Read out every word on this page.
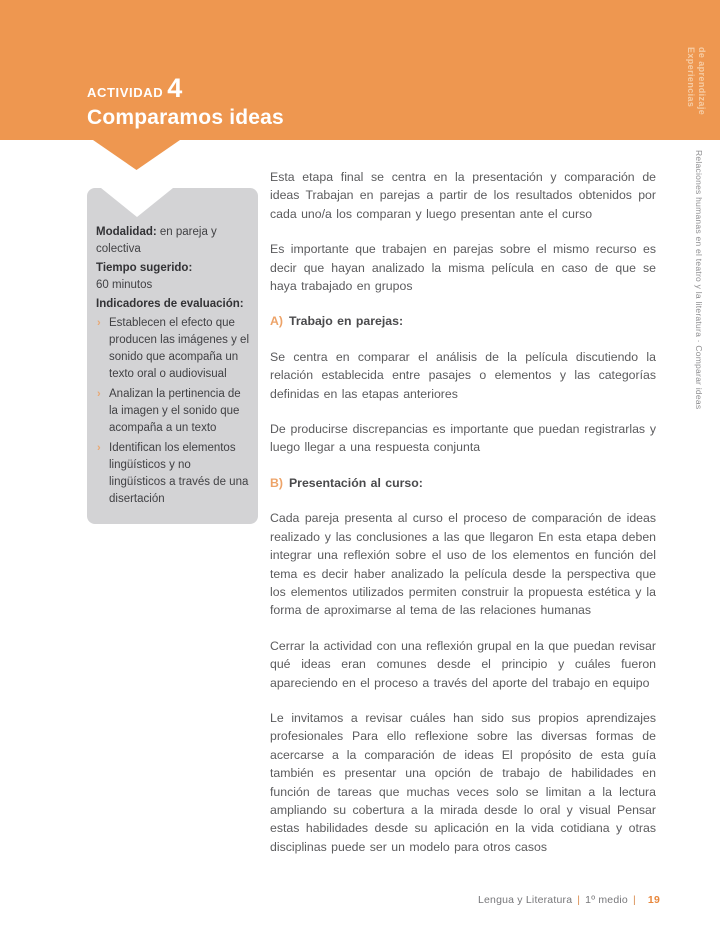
ACTIVIDAD 4
Comparamos ideas
Experiencias
de aprendizaje
Relaciones humanas en el teatro y la literatura · Comparar ideas
Modalidad: en pareja y colectiva
Tiempo sugerido:
60 minutos
Indicadores de evaluación:
› Establecen el efecto que producen las imágenes y el sonido que acompaña un texto oral o audiovisual
› Analizan la pertinencia de la imagen y el sonido que acompaña a un texto
› Identifican los elementos lingüísticos y no lingüísticos a través de una disertación

Esta etapa final se centra en la presentación y comparación de ideas Trabajan en parejas a partir de los resultados obtenidos por cada uno/a los comparan y luego presentan ante el curso

Es importante que trabajen en parejas sobre el mismo recurso es decir que hayan analizado la misma película en caso de que se haya trabajado en grupos

A) Trabajo en parejas:

Se centra en comparar el análisis de la película discutiendo la relación establecida entre pasajes o elementos y las categorías definidas en las etapas anteriores

De producirse discrepancias es importante que puedan registrarlas y luego llegar a una respuesta conjunta

B) Presentación al curso:

Cada pareja presenta al curso el proceso de comparación de ideas realizado y las conclusiones a las que llegaron En esta etapa deben integrar una reflexión sobre el uso de los elementos en función del tema es decir haber analizado la película desde la perspectiva que los elementos utilizados permiten construir la propuesta estética y la forma de aproximarse al tema de las relaciones humanas

Cerrar la actividad con una reflexión grupal en la que puedan revisar qué ideas eran comunes desde el principio y cuáles fueron apareciendo en el proceso a través del aporte del trabajo en equipo

Le invitamos a revisar cuáles han sido sus propios aprendizajes profesionales Para ello reflexione sobre las diversas formas de acercarse a la comparación de ideas El propósito de esta guía también es presentar una opción de trabajo de habilidades en función de tareas que muchas veces solo se limitan a la lectura ampliando su cobertura a la mirada desde lo oral y visual Pensar estas habilidades desde su aplicación en la vida cotidiana y otras disciplinas puede ser un modelo para otros casos

Lengua y Literatura | 1º medio | 19
